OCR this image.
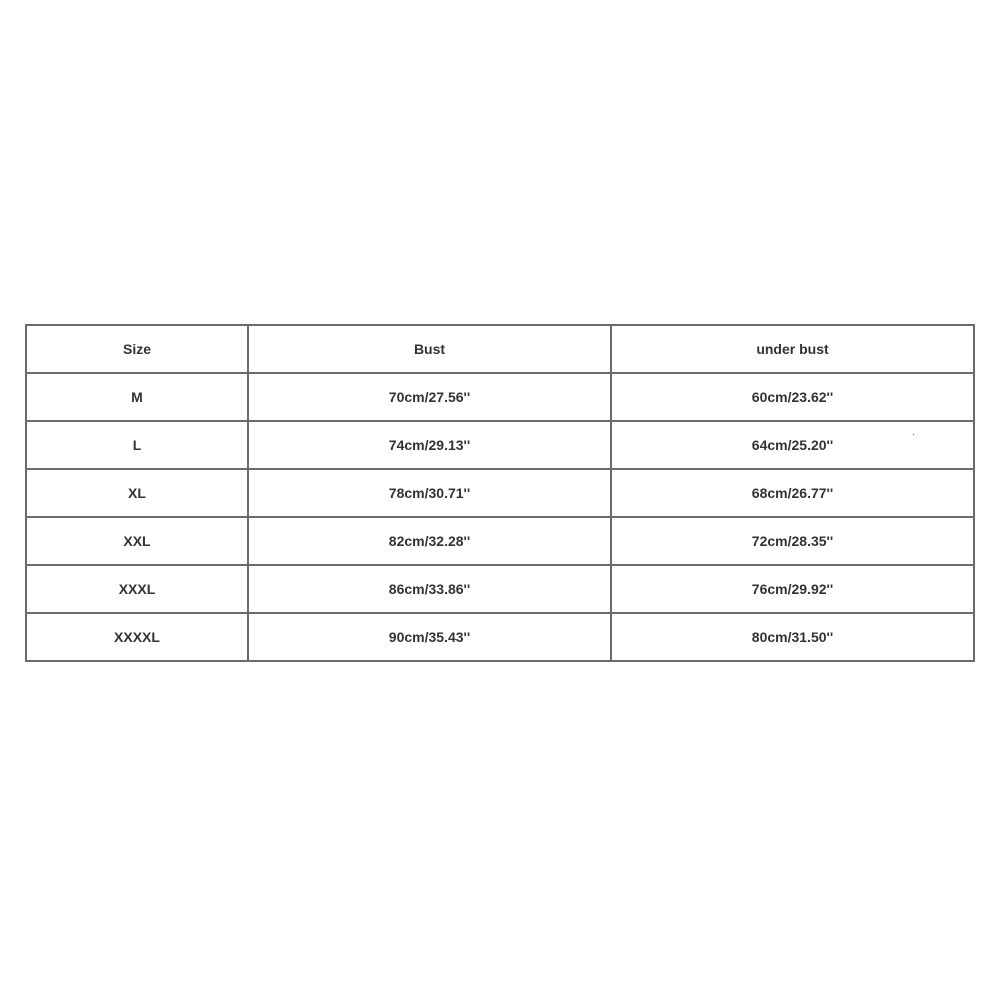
Size	Bust	under bust
M	70cm/27.56''	60cm/23.62''
L	74cm/29.13''	64cm/25.20''
XL	78cm/30.71''	68cm/26.77''
XXL	82cm/32.28''	72cm/28.35''
XXXL	86cm/33.86''	76cm/29.92''
XXXXL	90cm/35.43''	80cm/31.50''
